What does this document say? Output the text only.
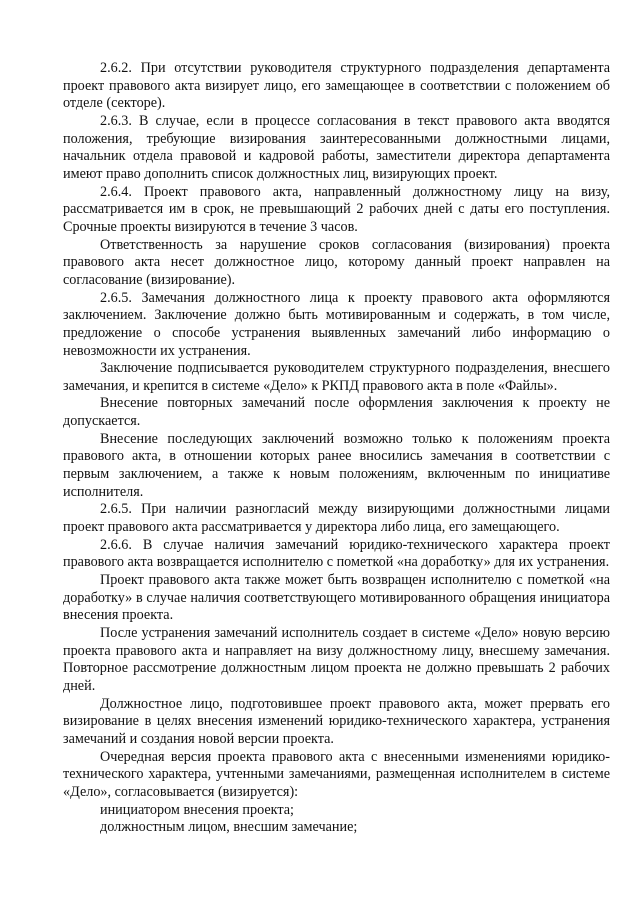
2.6.2. При отсутствии руководителя структурного подразделения департамента проект правового акта визирует лицо, его замещающее в соответствии с положением об отделе (секторе).

2.6.3. В случае, если в процессе согласования в текст правового акта вводятся положения, требующие визирования заинтересованными должностными лицами, начальник отдела правовой и кадровой работы, заместители директора департамента имеют право дополнить список должностных лиц, визирующих проект.

2.6.4. Проект правового акта, направленный должностному лицу на визу, рассматривается им в срок, не превышающий 2 рабочих дней с даты его поступления. Срочные проекты визируются в течение 3 часов.

Ответственность за нарушение сроков согласования (визирования) проекта правового акта несет должностное лицо, которому данный проект направлен на согласование (визирование).

2.6.5. Замечания должностного лица к проекту правового акта оформляются заключением. Заключение должно быть мотивированным и содержать, в том числе, предложение о способе устранения выявленных замечаний либо информацию о невозможности их устранения.

Заключение подписывается руководителем структурного подразделения, внесшего замечания, и крепится в системе «Дело» к РКПД правового акта в поле «Файлы».

Внесение повторных замечаний после оформления заключения к проекту не допускается.

Внесение последующих заключений возможно только к положениям проекта правового акта, в отношении которых ранее вносились замечания в соответствии с первым заключением, а также к новым положениям, включенным по инициативе исполнителя.

2.6.5. При наличии разногласий между визирующими должностными лицами проект правового акта рассматривается у директора либо лица, его замещающего.

2.6.6. В случае наличия замечаний юридико-технического характера проект правового акта возвращается исполнителю с пометкой «на доработку» для их устранения.

Проект правового акта также может быть возвращен исполнителю с пометкой «на доработку» в случае наличия соответствующего мотивированного обращения инициатора внесения проекта.

После устранения замечаний исполнитель создает в системе «Дело» новую версию проекта правового акта и направляет на визу должностному лицу, внесшему замечания. Повторное рассмотрение должностным лицом проекта не должно превышать 2 рабочих дней.

Должностное лицо, подготовившее проект правового акта, может прервать его визирование в целях внесения изменений юридико-технического характера, устранения замечаний и создания новой версии проекта.

Очередная версия проекта правового акта с внесенными изменениями юридико-технического характера, учтенными замечаниями, размещенная исполнителем в системе «Дело», согласовывается (визируется):

инициатором внесения проекта;

должностным лицом, внесшим замечание;
